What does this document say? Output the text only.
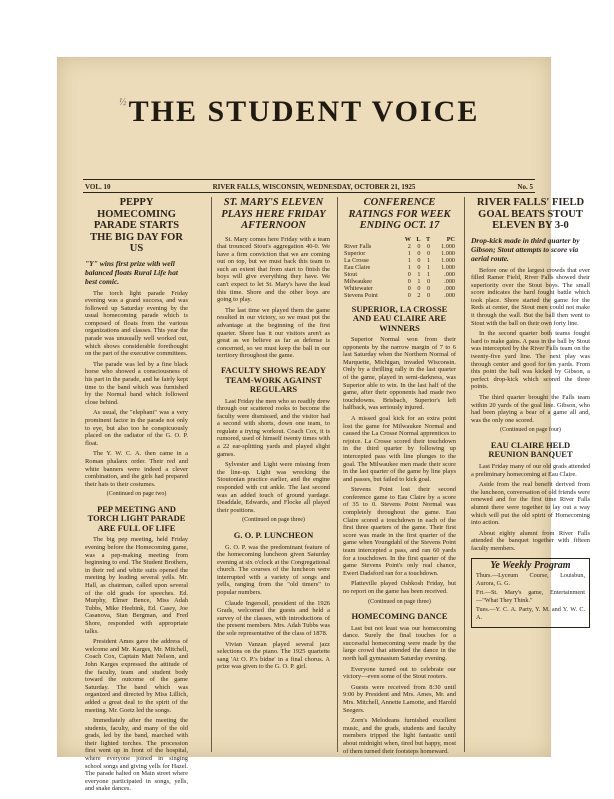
½ THE STUDENT VOICE
VOL. 10	RIVER FALLS, WISCONSIN, WEDNESDAY, OCTOBER 21, 1925	No. 5
PEPPY HOMECOMING PARADE STARTS THE BIG DAY FOR US
"Y" wins first prize with well balanced floats Rural Life hat best comic.

The torch light parade Friday evening was a grand success, and was followed up Saturday evening by the usual homecoming parade which is composed of floats from the various organizations and classes. This year the parade was unusually well worked out, which shows considerable forethought on the part of the executive committees.

The parade was led by a fine black horse who showed a consciousness of his part in the parade, and he fairly kept time to the band which was furnished by the Normal band which followed close behind.

As usual, the "elephant" was a very prominent factor in the parade not only to eye, but also too he conspicuously placed on the radiator of the G. O. P. float.

The Y. W. C. A. then came in a Roman phalanx order. Their red and white banners were indeed a clever combination, and the girls had prepared their hats to their costumes.

(Continued on page two)

PEP MEETING AND TORCH LIGHT PARADE ARE FULL OF LIFE

The big pep meeting, held Friday evening before the Homecoming game, was a pep-making meeting from beginning to end. The Student Brothers, in their red and white suits opened the meeting by leading several yells. Mr. Hall, as chairman, called upon several of the old grads for speeches. Ed. Murphy, Elmer Bence, Miss Adah Tubbs, Mike Heebink, Ed. Casey, Joe Casanova, Stan Bergman, and Fred Shore, responded with appropriate talks.

President Ames gave the address of welcome and Mr. Karges, Mr. Mitchell, Coach Cox, Captain Matt Nelson, and John Karges expressed the attitude of the faculty, team and student body toward the outcome of the game Saturday. The band which was organized and directed by Miss Lillich, added a great deal to the spirit of the meeting. Mr. Goetz led the songs.

Immediately after the meeting the students, faculty, and many of the old grads, led by the band, marched with their lighted torches. The procession first went up in front of the hospital, where everyone joined in singing school songs and giving yells for Hazel. The parade halted on Main street where everyone participated in songs, yells, and snake dances.

ST. MARY'S ELEVEN PLAYS HERE FRIDAY AFTERNOON

St. Mary comes here Friday with a team that trounced Stout's aggregation 40-0. We have a firm conviction that we are coming out on top, but we must back this team to such an extent that from start to finish the boys will give everything they have. We can't expect to let St. Mary's have the lead this time. Shore and the other boys are going to play.

The last time we played them the game resulted in our victory, so we must put the advantage at the beginning of the first quarter. Shore has it our visitors aren't as great as we believe as far as defense is concerned, so we must keep the ball in our territory throughout the game.

FACULTY SHOWS READY TEAM-WORK AGAINST REGULARS

Last Friday the men who so readily drew through our scattered rooks to become the faculty were dismissed, and the visitor had a second with shorts, down one team, to regulate a trying workout. Coach Cox, it is rumored, used of himself twenty times with a 22 ear-splitting yards and played slight games.

Sylvester and Light were missing from the line-up. Light was wrecking the Stoutonian practice earlier, and the engine responded with cut ankle. The last second was an added touch of ground yardage. Deaddale, Edwards, and Flocke all played their positions.

(Continued on page three)

G. O. P. LUNCHEON

G. O. P. was the predominant feature of the homecoming luncheon given Saturday evening at six o'clock at the Congregational church. The courses of the luncheon were interrupted with a variety of songs and yells, ranging from the "old timers" to popular numbers.

Claude Ingersoll, president of the 1926 Grads, welcomed the guests and held a survey of the classes, with introductions of the present members. Mrs. Adah Tubbs was the sole representative of the class of 1878.

Vivian Vanzan played several jazz selections on the piano. The 1925 quartette sang 'At O. P.'s bidne' in a final chorus. A prize was given to the G. O. P. girl.

CONFERENCE RATINGS FOR WEEK ENDING OCT. 17
	W	L	T	PC
River Falls	2	0	0	1.000
Superior	1	0	0	1.000
La Crosse	1	0	1	1.000
Eau Claire	1	0	1	1.000
Stout	0	1	1	.000
Milwaukee	0	1	0	.000
Whitewater	0	0	0	.000
Stevens Point	0	2	0	.000
SUPERIOR, LA CROSSE AND EAU CLAIRE ARE WINNERS

Superior Normal won from their opponents by the narrow margin of 7 to 6 last Saturday when the Northern Normal of Marquette, Michigan, invaded Wisconsin. Only by a thrilling rally in the last quarter of the game, played in semi-darkness, was Superior able to win. In the last half of the game, after their opponents had made two touchdowns. Brisbach, Superior's left halfback, was seriously injured.

A missed goal kick for an extra point lost the game for Milwaukee Normal and caused the La Crosse Normal apprentices to rejoice. La Crosse scored their touchdown in the third quarter by following up intercepted pass with line plunges to the goal. The Milwaukee men made their score in the last quarter of the game by line plays and passes, but failed to kick goal.

Stevens Point lost their second conference game to Eau Claire by a score of 35 to 0. Stevens Point Normal was completely throughout the game. Eau Claire scored a touchdown in each of the first three quarters of the game. Their first score was made in the first quarter of the game when Youngdahl of the Stevens Point team intercepted a pass, and ran 60 yards for a touchdown. In the first quarter of the game Stevens Point's only real chance, Ewert Dadsford ran for a touchdown.

Platteville played Oshkosh Friday, but no report on the game has been received.

(Continued on page three)

HOMECOMING DANCE

Last but not least was our homecoming dance. Surely the final touches for a successful homecoming were made by the large crowd that attended the dance in the north hall gymnasium Saturday evening.

Everyone turned out to celebrate our victory—even some of the Stout rooters.

Guests were received from 8:30 until 9:00 by President and Mrs. Ames, Mr. and Mrs. Mitchell, Annette Lamotte, and Harold Seegers.

Zorn's Melodeans furnished excellent music, and the grads, students and faculty members tripped the light fantastic until about midnight when, tired but happy, most of them turned their footsteps homeward.

RIVER FALLS' FIELD GOAL BEATS STOUT ELEVEN BY 3-0
Drop-kick made in third quarter by Gibson; Stout attempts to score via aerial route.

Before one of the largest crowds that ever filled Ramer Field, River Falls showed their superiority over the Stout boys. The small score indicates the hard fought battle which took place. Shore started the game for the Reds at center, the Stout men could not make it through the wall. But the ball then went to Stout with the ball on their own forty line.

In the second quarter both teams fought hard to make gains. A pass in the ball by Stout was intercepted by the River Falls team on the twenty-five yard line. The next play was through center and good for ten yards. From this point the ball was kicked by Gibson, a perfect drop-kick which scored the three points.

The third quarter brought the Falls team within 20 yards of the goal line. Gibson, who had been playing a bear of a game all and, was the only one scored.

(Continued on page four)

EAU CLAIRE HELD REUNION BANQUET

Last Friday many of our old grads attended a preliminary homecoming at Eau Claire.

Aside from the real benefit derived from the luncheon, conversation of old friends were renewed and for the first time River Falls alumni there were together to lay out a way which will put the old spirit of Homecoming into action.

About eighty alumni from River Falls attended the banquet together with fifteen faculty members.

Ye Weekly Program

Thurs.—Lyceum Course, Louisbun, Aurora, G. G.

Fri.—St. Mary's game, Entertainment—"What They Think."

Tues.—Y. C. A. Party, Y. M. and Y. W. C. A.
